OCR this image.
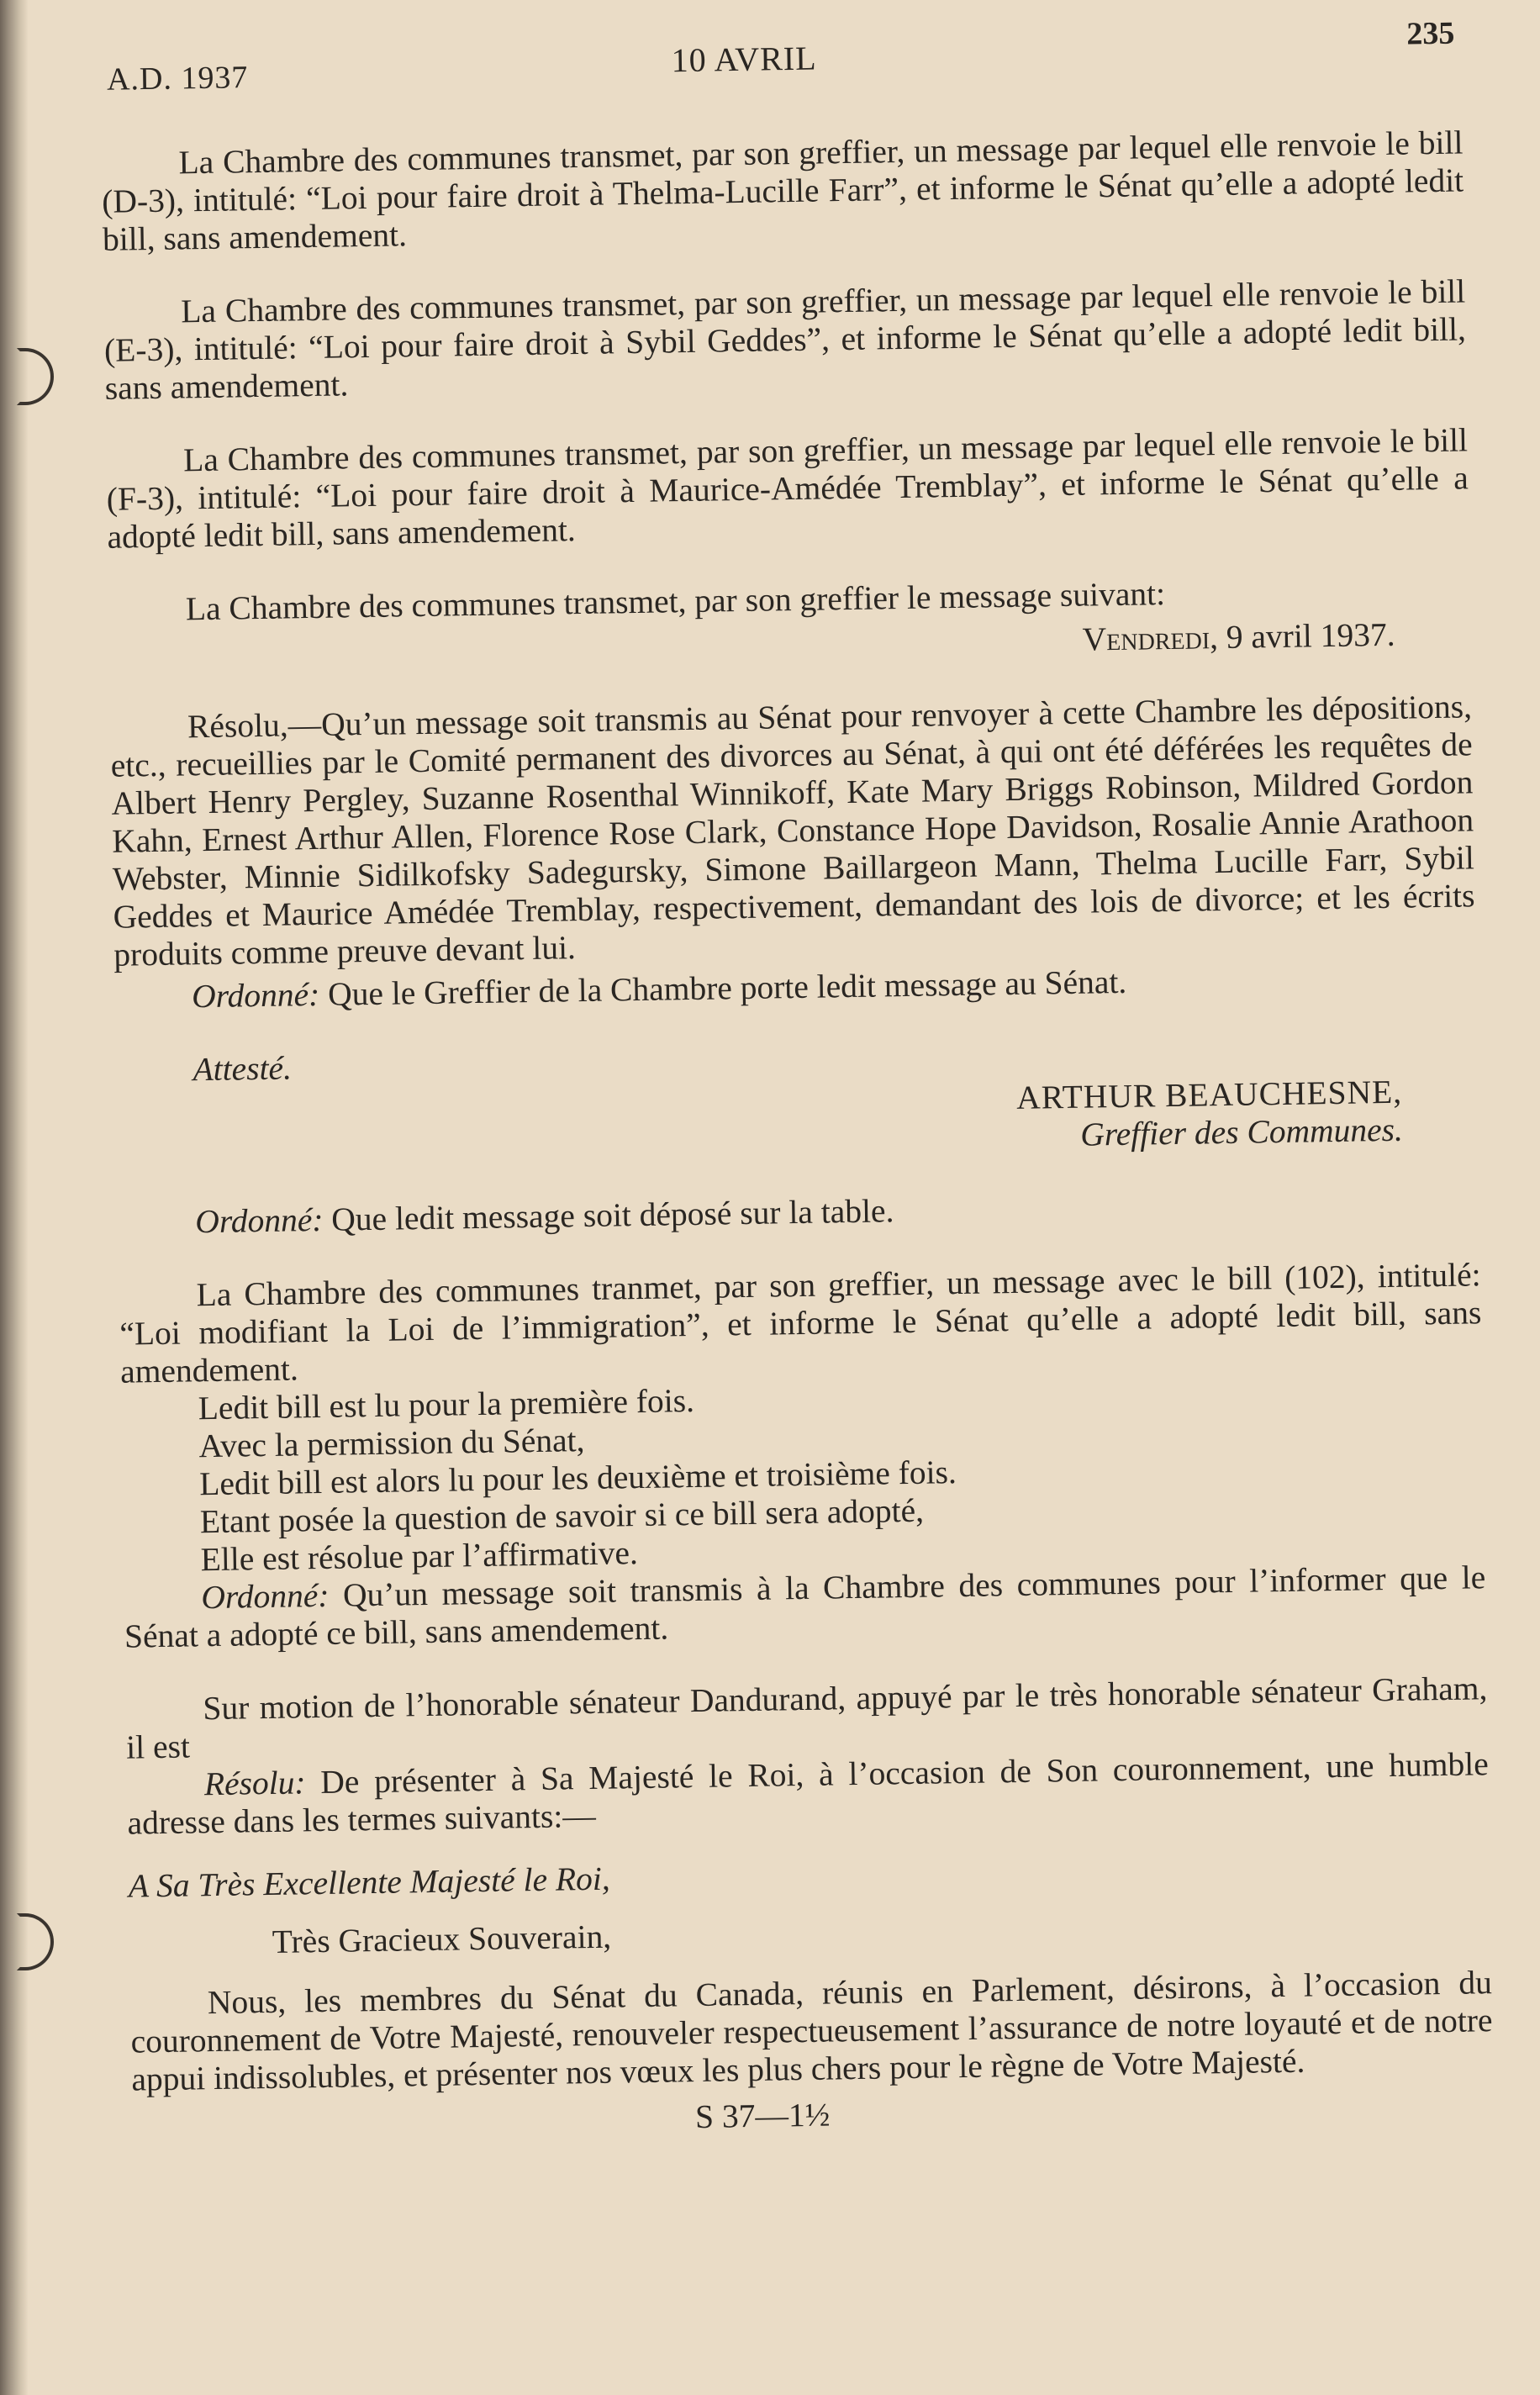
A.D. 1937	10 AVRIL
235

La Chambre des communes transmet, par son greffier, un message par lequel elle renvoie le bill (D-3), intitulé: “Loi pour faire droit à Thelma-Lucille Farr”, et informe le Sénat qu’elle a adopté ledit bill, sans amendement.

La Chambre des communes transmet, par son greffier, un message par lequel elle renvoie le bill (E-3), intitulé: “Loi pour faire droit à Sybil Geddes”, et informe le Sénat qu’elle a adopté ledit bill, sans amendement.

La Chambre des communes transmet, par son greffier, un message par lequel elle renvoie le bill (F-3), intitulé: “Loi pour faire droit à Maurice-Amédée Tremblay”, et informe le Sénat qu’elle a adopté ledit bill, sans amendement.

La Chambre des communes transmet, par son greffier le message suivant:

Vendredi, 9 avril 1937.

Résolu,—Qu’un message soit transmis au Sénat pour renvoyer à cette Chambre les dépositions, etc., recueillies par le Comité permanent des divorces au Sénat, à qui ont été déférées les requêtes de Albert Henry Pergley, Suzanne Rosenthal Winnikoff, Kate Mary Briggs Robinson, Mildred Gordon Kahn, Ernest Arthur Allen, Florence Rose Clark, Constance Hope Davidson, Rosalie Annie Arathoon Webster, Minnie Sidilkofsky Sadegursky, Simone Baillargeon Mann, Thelma Lucille Farr, Sybil Geddes et Maurice Amédée Tremblay, respectivement, demandant des lois de divorce; et les écrits produits comme preuve devant lui.

Ordonné: Que le Greffier de la Chambre porte ledit message au Sénat.

Attesté.

ARTHUR BEAUCHESNE,

Greffier des Communes.

Ordonné: Que ledit message soit déposé sur la table.

La Chambre des communes tranmet, par son greffier, un message avec le bill (102), intitulé: “Loi modifiant la Loi de l’immigration”, et informe le Sénat qu’elle a adopté ledit bill, sans amendement.

Ledit bill est lu pour la première fois.

Avec la permission du Sénat,

Ledit bill est alors lu pour les deuxième et troisième fois.

Etant posée la question de savoir si ce bill sera adopté,

Elle est résolue par l’affirmative.

Ordonné: Qu’un message soit transmis à la Chambre des communes pour l’informer que le Sénat a adopté ce bill, sans amendement.

Sur motion de l’honorable sénateur Dandurand, appuyé par le très honorable sénateur Graham, il est

Résolu: De présenter à Sa Majesté le Roi, à l’occasion de Son couronnement, une humble adresse dans les termes suivants:—

A Sa Très Excellente Majesté le Roi,

Très Gracieux Souverain,

Nous, les membres du Sénat du Canada, réunis en Parlement, désirons, à l’occasion du couronnement de Votre Majesté, renouveler respectueusement l’assurance de notre loyauté et de notre appui indissolubles, et présenter nos vœux les plus chers pour le règne de Votre Majesté.

S 37—1½
